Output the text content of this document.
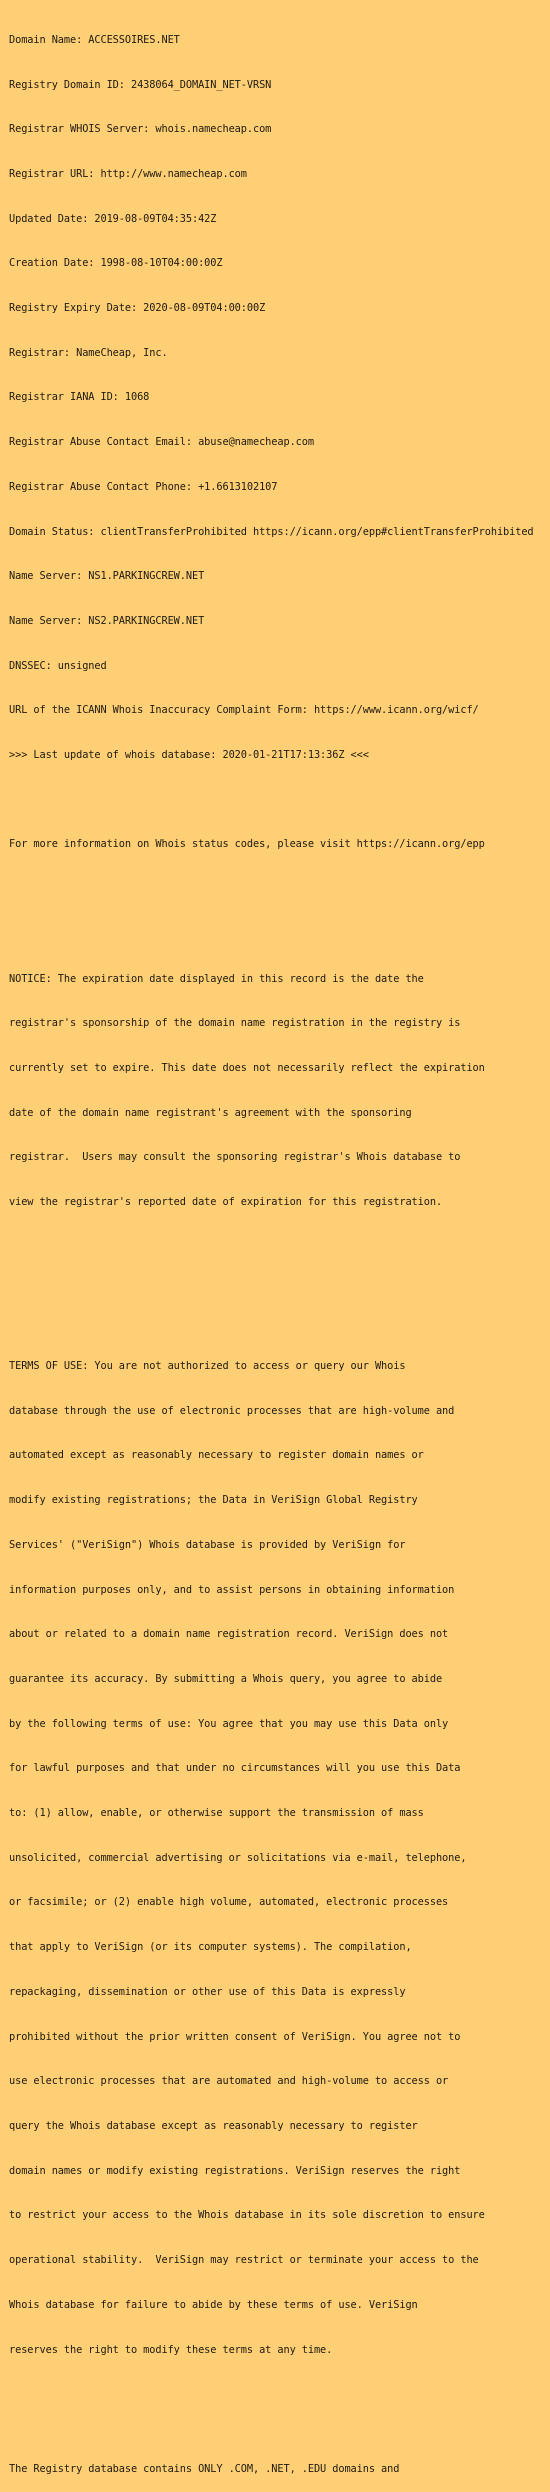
Domain Name: ACCESSOIRES.NET

Registry Domain ID: 2438064_DOMAIN_NET-VRSN

Registrar WHOIS Server: whois.namecheap.com

Registrar URL: http://www.namecheap.com

Updated Date: 2019-08-09T04:35:42Z

Creation Date: 1998-08-10T04:00:00Z

Registry Expiry Date: 2020-08-09T04:00:00Z

Registrar: NameCheap, Inc.

Registrar IANA ID: 1068

Registrar Abuse Contact Email: abuse@namecheap.com

Registrar Abuse Contact Phone: +1.6613102107

Domain Status: clientTransferProhibited https://icann.org/epp#clientTransferProhibited

Name Server: NS1.PARKINGCREW.NET

Name Server: NS2.PARKINGCREW.NET

DNSSEC: unsigned

URL of the ICANN Whois Inaccuracy Complaint Form: https://www.icann.org/wicf/

>>> Last update of whois database: 2020-01-21T17:13:36Z <<<

For more information on Whois status codes, please visit https://icann.org/epp

NOTICE: The expiration date displayed in this record is the date the

registrar's sponsorship of the domain name registration in the registry is

currently set to expire. This date does not necessarily reflect the expiration

date of the domain name registrant's agreement with the sponsoring

registrar.  Users may consult the sponsoring registrar's Whois database to

view the registrar's reported date of expiration for this registration.

TERMS OF USE: You are not authorized to access or query our Whois

database through the use of electronic processes that are high-volume and

automated except as reasonably necessary to register domain names or

modify existing registrations; the Data in VeriSign Global Registry

Services' ("VeriSign") Whois database is provided by VeriSign for

information purposes only, and to assist persons in obtaining information

about or related to a domain name registration record. VeriSign does not

guarantee its accuracy. By submitting a Whois query, you agree to abide

by the following terms of use: You agree that you may use this Data only

for lawful purposes and that under no circumstances will you use this Data

to: (1) allow, enable, or otherwise support the transmission of mass

unsolicited, commercial advertising or solicitations via e-mail, telephone,

or facsimile; or (2) enable high volume, automated, electronic processes

that apply to VeriSign (or its computer systems). The compilation,

repackaging, dissemination or other use of this Data is expressly

prohibited without the prior written consent of VeriSign. You agree not to

use electronic processes that are automated and high-volume to access or

query the Whois database except as reasonably necessary to register

domain names or modify existing registrations. VeriSign reserves the right

to restrict your access to the Whois database in its sole discretion to ensure

operational stability.  VeriSign may restrict or terminate your access to the

Whois database for failure to abide by these terms of use. VeriSign

reserves the right to modify these terms at any time.

The Registry database contains ONLY .COM, .NET, .EDU domains and
